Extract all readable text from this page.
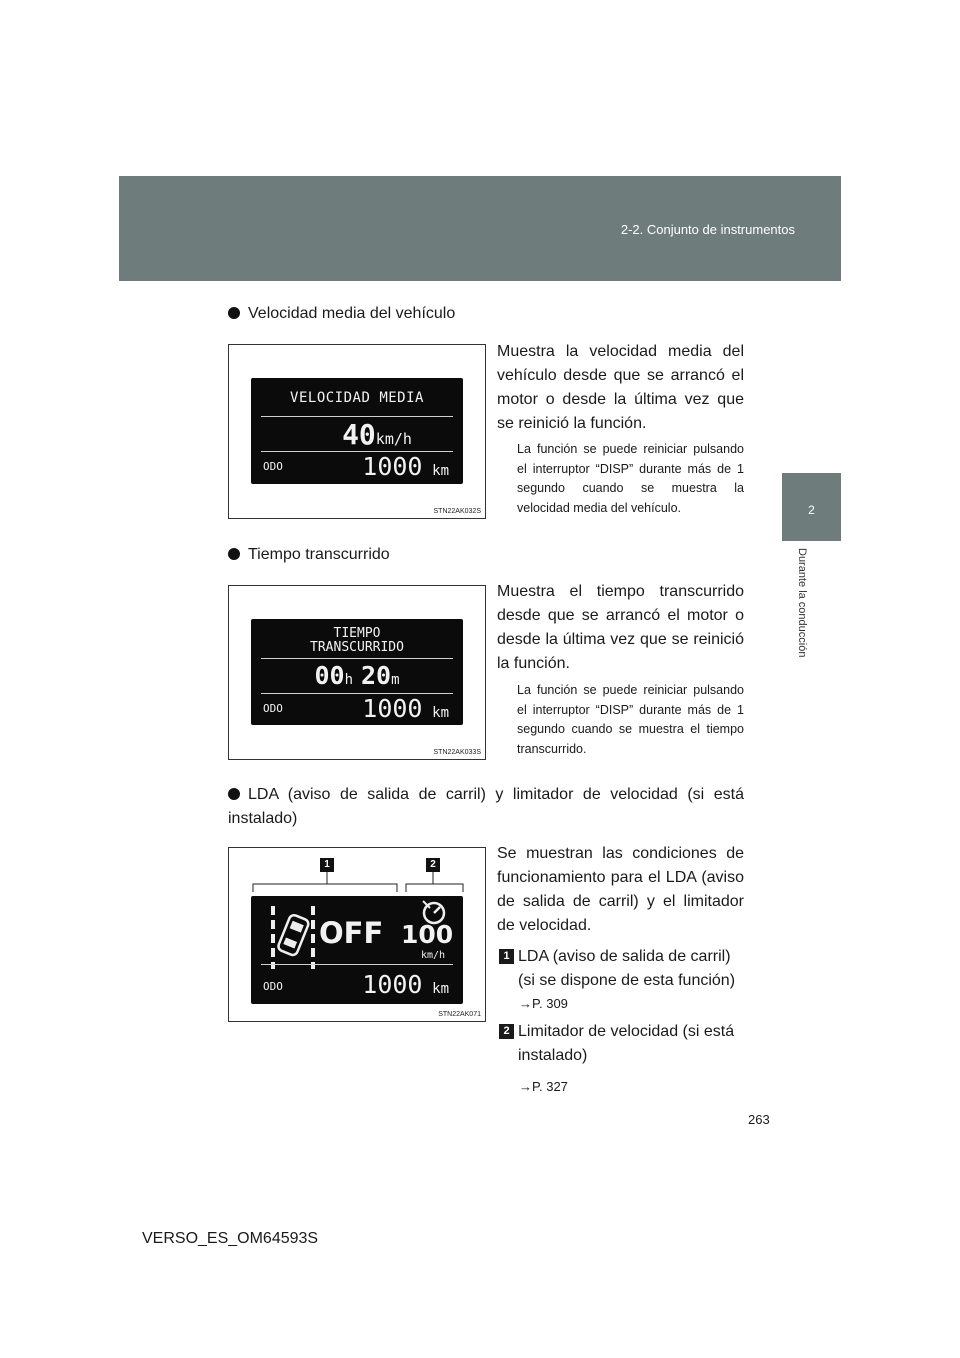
2-2. Conjunto de instrumentos
2
Durante la conducción
Velocidad media del vehículo
VELOCIDAD MEDIA
40km/h
ODO	1000 km
STN22AK032S
Muestra la velocidad media del vehículo desde que se arrancó el motor o desde la última vez que se reinició la función.
La función se puede reiniciar pulsando el interruptor “DISP” durante más de 1 segundo cuando se muestra la velocidad media del vehículo.
Tiempo transcurrido
TIEMPO
TRANSCURRIDO
00h 20m
ODO	1000 km
STN22AK033S
Muestra el tiempo transcurrido desde que se arrancó el motor o desde la última vez que se reinició la función.
La función se puede reiniciar pulsando el interruptor “DISP” durante más de 1 segundo cuando se muestra el tiempo transcurrido.
LDA (aviso de salida de carril) y limitador de velocidad (si está instalado)
1	2
OFF 100
km/h
ODO	1000 km
STN22AK071
Se muestran las condiciones de funcionamiento para el LDA (aviso de salida de carril) y el limitador de velocidad.
1 LDA (aviso de salida de carril) (si se dispone de esta función)
→P. 309
2 Limitador de velocidad (si está instalado)
→P. 327
263
VERSO_ES_OM64593S
